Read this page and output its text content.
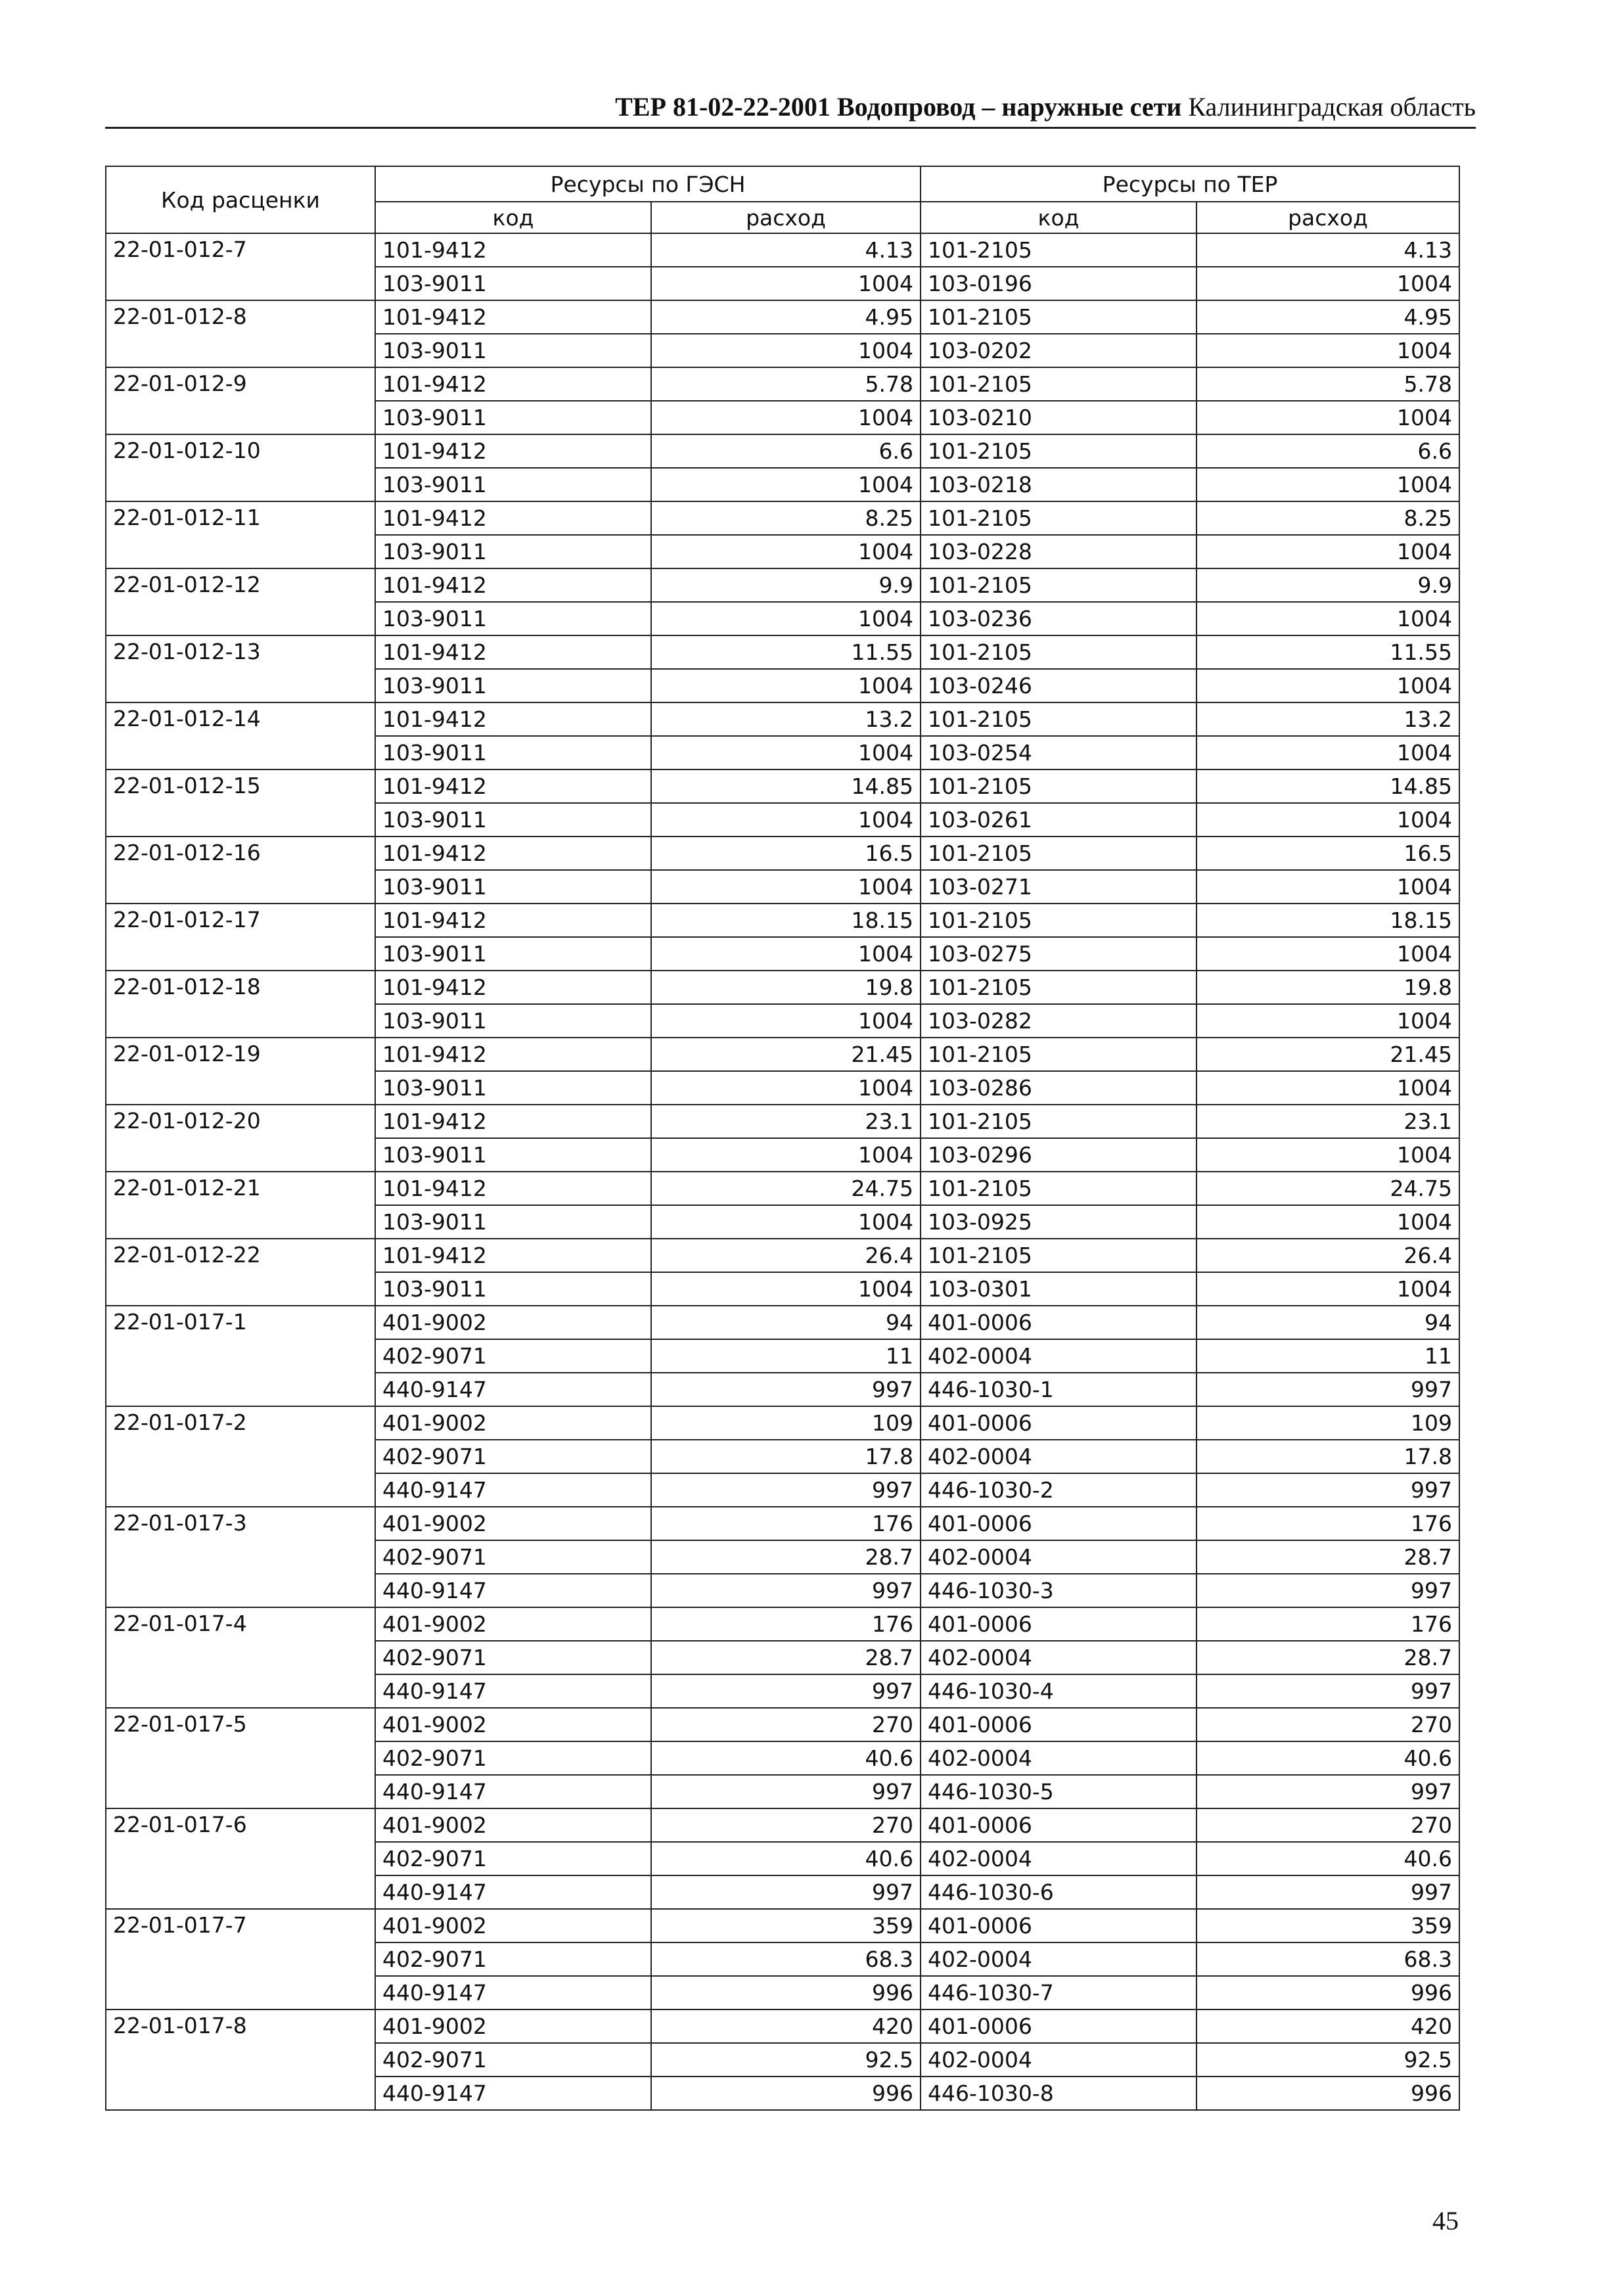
ТЕР 81-02-22-2001 Водопровод – наружные сети Калининградская область
Код расценки	Ресурсы по ГЭСН		Ресурсы по ТЕР	
	код	расход	код	расход
22-01-012-7	101-9412	4.13	101-2105	4.13
	103-9011	1004	103-0196	1004
22-01-012-8	101-9412	4.95	101-2105	4.95
	103-9011	1004	103-0202	1004
22-01-012-9	101-9412	5.78	101-2105	5.78
	103-9011	1004	103-0210	1004
22-01-012-10	101-9412	6.6	101-2105	6.6
	103-9011	1004	103-0218	1004
22-01-012-11	101-9412	8.25	101-2105	8.25
	103-9011	1004	103-0228	1004
22-01-012-12	101-9412	9.9	101-2105	9.9
	103-9011	1004	103-0236	1004
22-01-012-13	101-9412	11.55	101-2105	11.55
	103-9011	1004	103-0246	1004
22-01-012-14	101-9412	13.2	101-2105	13.2
	103-9011	1004	103-0254	1004
22-01-012-15	101-9412	14.85	101-2105	14.85
	103-9011	1004	103-0261	1004
22-01-012-16	101-9412	16.5	101-2105	16.5
	103-9011	1004	103-0271	1004
22-01-012-17	101-9412	18.15	101-2105	18.15
	103-9011	1004	103-0275	1004
22-01-012-18	101-9412	19.8	101-2105	19.8
	103-9011	1004	103-0282	1004
22-01-012-19	101-9412	21.45	101-2105	21.45
	103-9011	1004	103-0286	1004
22-01-012-20	101-9412	23.1	101-2105	23.1
	103-9011	1004	103-0296	1004
22-01-012-21	101-9412	24.75	101-2105	24.75
	103-9011	1004	103-0925	1004
22-01-012-22	101-9412	26.4	101-2105	26.4
	103-9011	1004	103-0301	1004
22-01-017-1	401-9002	94	401-0006	94
	402-9071	11	402-0004	11
	440-9147	997	446-1030-1	997
22-01-017-2	401-9002	109	401-0006	109
	402-9071	17.8	402-0004	17.8
	440-9147	997	446-1030-2	997
22-01-017-3	401-9002	176	401-0006	176
	402-9071	28.7	402-0004	28.7
	440-9147	997	446-1030-3	997
22-01-017-4	401-9002	176	401-0006	176
	402-9071	28.7	402-0004	28.7
	440-9147	997	446-1030-4	997
22-01-017-5	401-9002	270	401-0006	270
	402-9071	40.6	402-0004	40.6
	440-9147	997	446-1030-5	997
22-01-017-6	401-9002	270	401-0006	270
	402-9071	40.6	402-0004	40.6
	440-9147	997	446-1030-6	997
22-01-017-7	401-9002	359	401-0006	359
	402-9071	68.3	402-0004	68.3
	440-9147	996	446-1030-7	996
22-01-017-8	401-9002	420	401-0006	420
	402-9071	92.5	402-0004	92.5
	440-9147	996	446-1030-8	996
45
